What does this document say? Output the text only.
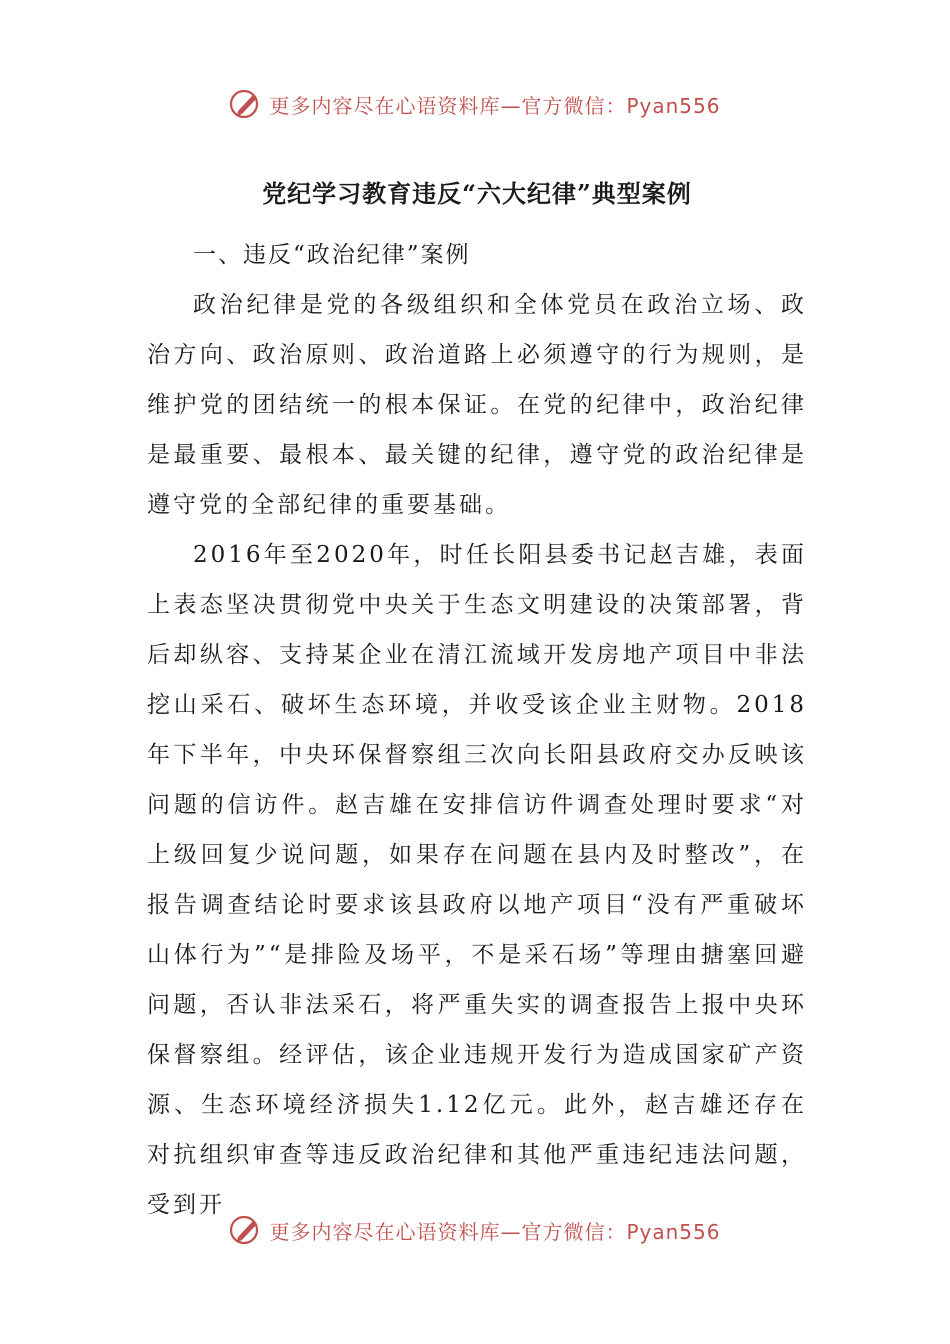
更多内容尽在心语资料库—官方微信：Pyan556
党纪学习教育违反“六大纪律”典型案例

一、违反“政治纪律”案例

政治纪律是党的各级组织和全体党员在政治立场、政治方向、政治原则、政治道路上必须遵守的行为规则，是维护党的团结统一的根本保证。在党的纪律中，政治纪律是最重要、最根本、最关键的纪律，遵守党的政治纪律是遵守党的全部纪律的重要基础。

2016年至2020年，时任长阳县委书记赵吉雄，表面上表态坚决贯彻党中央关于生态文明建设的决策部署，背后却纵容、支持某企业在清江流域开发房地产项目中非法挖山采石、破坏生态环境，并收受该企业主财物。2018年下半年，中央环保督察组三次向长阳县政府交办反映该问题的信访件。赵吉雄在安排信访件调查处理时要求“对上级回复少说问题，如果存在问题在县内及时整改”，在报告调查结论时要求该县政府以地产项目“没有严重破坏山体行为”“是排险及场平，不是采石场”等理由搪塞回避问题，否认非法采石，将严重失实的调查报告上报中央环保督察组。经评估，该企业违规开发行为造成国家矿产资源、生态环境经济损失1.12亿元。此外，赵吉雄还存在对抗组织审查等违反政治纪律和其他严重违纪违法问题，受到开

更多内容尽在心语资料库—官方微信：Pyan556
